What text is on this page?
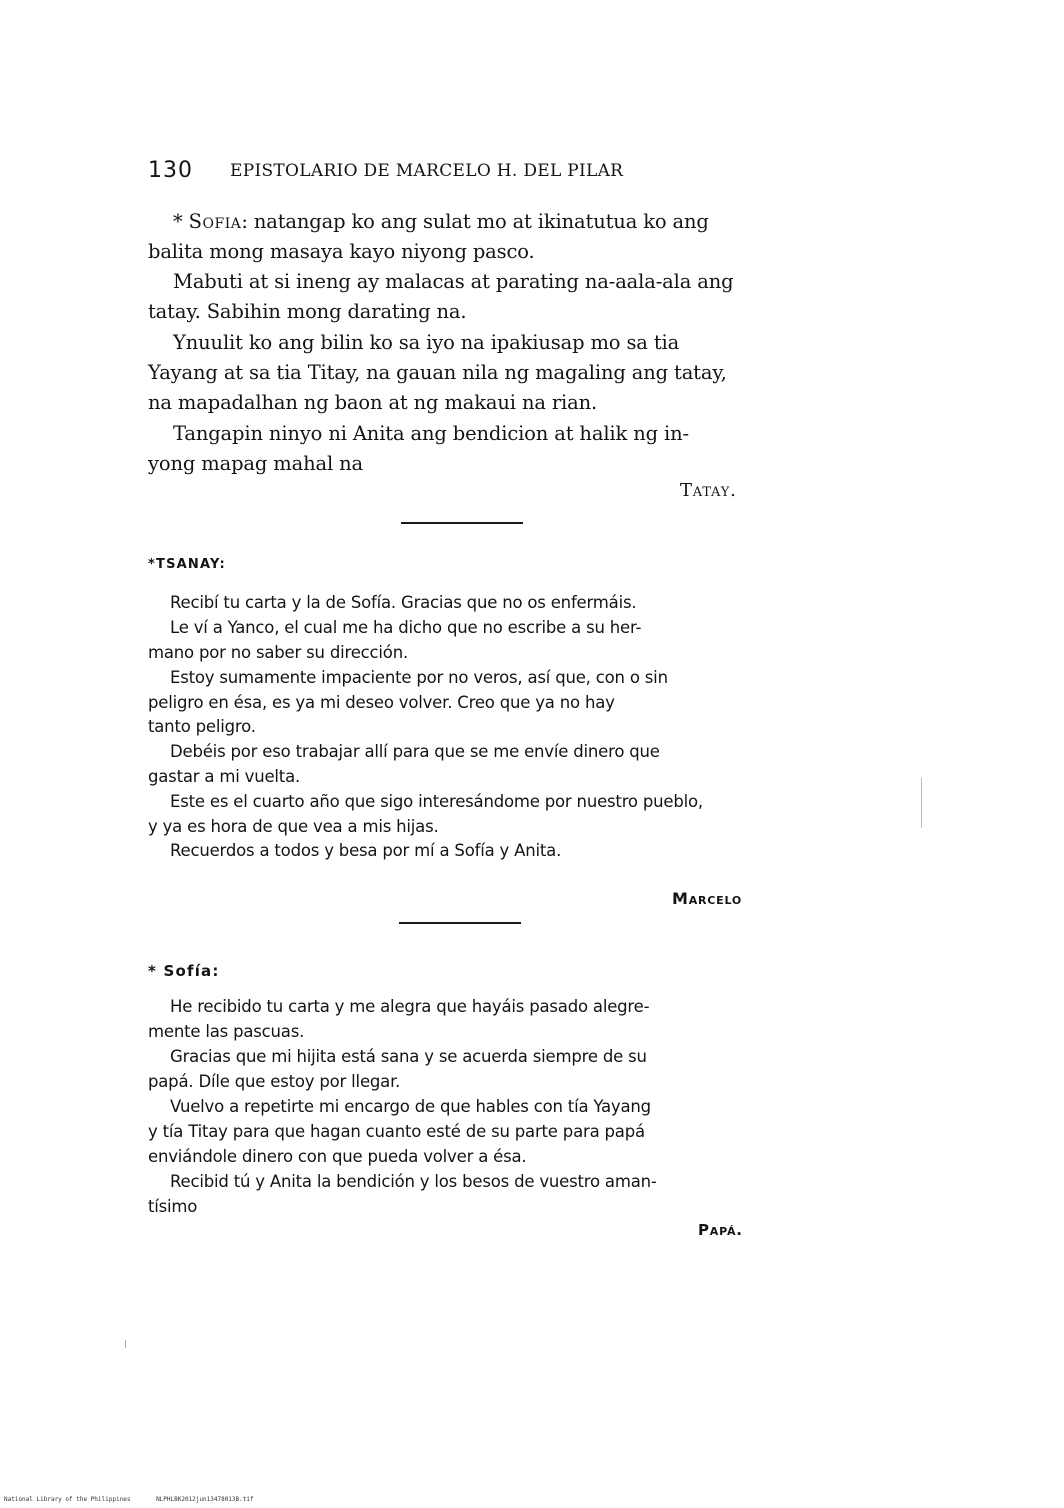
130 EPISTOLARIO DE MARCELO H. DEL PILAR
* Sofia: natangap ko ang sulat mo at ikinatutua ko ang
balita mong masaya kayo niyong pasco.
Mabuti at si ineng ay malacas at parating na-aala-ala ang
tatay. Sabihin mong darating na.
Ynuulit ko ang bilin ko sa iyo na ipakiusap mo sa tia
Yayang at sa tia Titay, na gauan nila ng magaling ang tatay,
na mapadalhan ng baon at ng makaui na rian.
Tangapin ninyo ni Anita ang bendicion at halik ng in-
yong mapag mahal na
Tatay.
*TSANAY:
Recibí tu carta y la de Sofía. Gracias que no os enfermáis.
Le ví a Yanco, el cual me ha dicho que no escribe a su her-
mano por no saber su dirección.
Estoy sumamente impaciente por no veros, así que, con o sin
peligro en ésa, es ya mi deseo volver. Creo que ya no hay
tanto peligro.
Debéis por eso trabajar allí para que se me envíe dinero que
gastar a mi vuelta.
Este es el cuarto año que sigo interesándome por nuestro pueblo,
y ya es hora de que vea a mis hijas.
Recuerdos a todos y besa por mí a Sofía y Anita.
Marcelo
* Sofía:
He recibido tu carta y me alegra que hayáis pasado alegre-
mente las pascuas.
Gracias que mi hijita está sana y se acuerda siempre de su
papá. Díle que estoy por llegar.
Vuelvo a repetirte mi encargo de que hables con tía Yayang
y tía Titay para que hagan cuanto esté de su parte para papá
enviándole dinero con que pueda volver a ésa.
Recibid tú y Anita la bendición y los besos de vuestro aman-
tísimo
Papá.
National Library of the Philippines	NLPHLBK2012jun13478013B.tif
